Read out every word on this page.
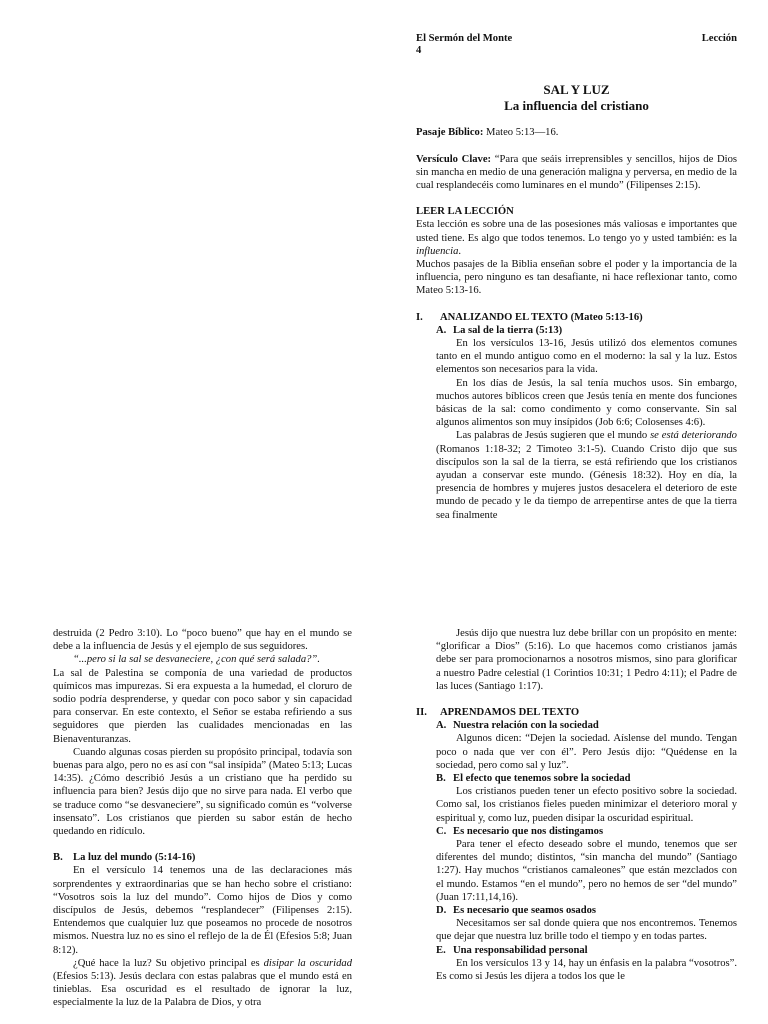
El Sermón del Monte	Lección
4
SAL Y LUZ
La influencia del cristiano

Pasaje Bíblico: Mateo 5:13—16.

Versículo Clave: “Para que seáis irreprensibles y sencillos, hijos de Dios sin mancha en medio de una generación maligna y perversa, en medio de la cual resplandecéis como luminares en el mundo” (Filipenses 2:15).

LEER LA LECCIÓN

Esta lección es sobre una de las posesiones más valiosas e importantes que usted tiene. Es algo que todos tenemos. Lo tengo yo y usted también: es la influencia.

Muchos pasajes de la Biblia enseñan sobre el poder y la importancia de la influencia, pero ninguno es tan desafiante, ni hace reflexionar tanto, como Mateo 5:13-16.

I.	ANALIZANDO EL TEXTO (Mateo 5:13-16)
A. La sal de la tierra (5:13)

En los versículos 13-16, Jesús utilizó dos elementos comunes tanto en el mundo antiguo como en el moderno: la sal y la luz. Estos elementos son necesarios para la vida.

En los días de Jesús, la sal tenía muchos usos. Sin embargo, muchos autores bíblicos creen que Jesús tenía en mente dos funciones básicas de la sal: como condimento y como conservante. Sin sal algunos alimentos son muy insípidos (Job 6:6; Colosenses 4:6).

Las palabras de Jesús sugieren que el mundo se está deteriorando (Romanos 1:18-32; 2 Timoteo 3:1-5). Cuando Cristo dijo que sus discípulos son la sal de la tierra, se está refiriendo que los cristianos ayudan a conservar este mundo. (Génesis 18:32). Hoy en día, la presencia de hombres y mujeres justos desacelera el deterioro de este mundo de pecado y le da tiempo de arrepentirse antes de que la tierra sea finalmente

destruida (2 Pedro 3:10). Lo “poco bueno” que hay en el mundo se debe a la influencia de Jesús y el ejemplo de sus seguidores.

“...pero si la sal se desvaneciere, ¿con qué será salada?”.

La sal de Palestina se componía de una variedad de productos químicos mas impurezas. Si era expuesta a la humedad, el cloruro de sodio podría desprenderse, y quedar con poco sabor y sin capacidad para conservar. En este contexto, el Señor se estaba refiriendo a sus seguidores que pierden las cualidades mencionadas en las Bienaventuranzas.

Cuando algunas cosas pierden su propósito principal, todavía son buenas para algo, pero no es así con “sal insípida” (Mateo 5:13; Lucas 14:35). ¿Cómo describió Jesús a un cristiano que ha perdido su influencia para bien? Jesús dijo que no sirve para nada. El verbo que se traduce como “se desvaneciere”, su significado común es “volverse insensato”. Los cristianos que pierden su sabor están de hecho quedando en ridículo.

B. La luz del mundo (5:14-16)

En el versículo 14 tenemos una de las declaraciones más sorprendentes y extraordinarias que se han hecho sobre el cristiano: “Vosotros sois la luz del mundo”. Como hijos de Dios y como discípulos de Jesús, debemos “resplandecer” (Filipenses 2:15). Entendemos que cualquier luz que poseamos no procede de nosotros mismos. Nuestra luz no es sino el reflejo de la de Él (Efesios 5:8; Juan 8:12).

¿Qué hace la luz? Su objetivo principal es disipar la oscuridad (Efesios 5:13). Jesús declara con estas palabras que el mundo está en tinieblas. Esa oscuridad es el resultado de ignorar la luz, especialmente la luz de la Palabra de Dios, y otra

Jesús dijo que nuestra luz debe brillar con un propósito en mente: “glorificar a Dios” (5:16). Lo que hacemos como cristianos jamás debe ser para promocionarnos a nosotros mismos, sino para glorificar a nuestro Padre celestial (1 Corintios 10:31; 1 Pedro 4:11); el Padre de las luces (Santiago 1:17).

II.	APRENDAMOS DEL TEXTO
A. Nuestra relación con la sociedad

Algunos dicen: “Dejen la sociedad. Aíslense del mundo. Tengan poco o nada que ver con él”. Pero Jesús dijo: “Quédense en la sociedad, pero como sal y luz”.

B. El efecto que tenemos sobre la sociedad

Los cristianos pueden tener un efecto positivo sobre la sociedad. Como sal, los cristianos fieles pueden minimizar el deterioro moral y espiritual y, como luz, pueden disipar la oscuridad espiritual.

C. Es necesario que nos distingamos

Para tener el efecto deseado sobre el mundo, tenemos que ser diferentes del mundo; distintos, “sin mancha del mundo” (Santiago 1:27). Hay muchos “cristianos camaleones” que están mezclados con el mundo. Estamos “en el mundo”, pero no hemos de ser “del mundo” (Juan 17:11,14,16).

D. Es necesario que seamos osados

Necesitamos ser sal donde quiera que nos encontremos. Tenemos que dejar que nuestra luz brille todo el tiempo y en todas partes.

E. Una responsabilidad personal

En los versículos 13 y 14, hay un énfasis en la palabra “vosotros”. Es como si Jesús les dijera a todos los que le
